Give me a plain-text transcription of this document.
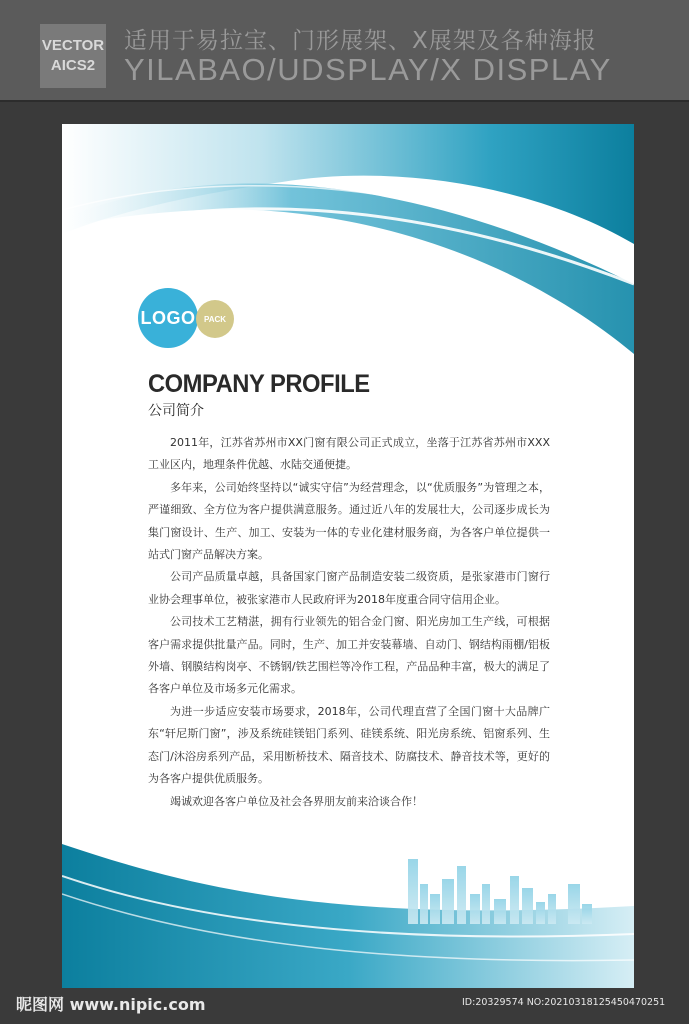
VECTOR
AICS2
适用于易拉宝、门形展架、X展架及各种海报
YILABAO/UDSPLAY/X DISPLAY
LOGO PACK
COMPANY PROFILE
公司简介

2011年，江苏省苏州市XX门窗有限公司正式成立，坐落于江苏省苏州市XXX工业区内，地理条件优越、水陆交通便捷。

多年来，公司始终坚持以“诚实守信”为经营理念，以“优质服务”为管理之本，严谨细致、全方位为客户提供满意服务。通过近八年的发展壮大，公司逐步成长为集门窗设计、生产、加工、安装为一体的专业化建材服务商，为各客户单位提供一站式门窗产品解决方案。

公司产品质量卓越，具备国家门窗产品制造安装二级资质，是张家港市门窗行业协会理事单位，被张家港市人民政府评为2018年度重合同守信用企业。

公司技术工艺精湛，拥有行业领先的铝合金门窗、阳光房加工生产线，可根据客户需求提供批量产品。同时，生产、加工并安装幕墙、自动门、钢结构雨棚/铝板外墙、钢膜结构岗亭、不锈钢/铁艺围栏等冷作工程，产品品种丰富，极大的满足了各客户单位及市场多元化需求。

为进一步适应安装市场要求，2018年，公司代理直营了全国门窗十大品牌广东“轩尼斯门窗”，涉及系统硅镁铝门系列、硅镁系统、阳光房系统、铝窗系列、生态门/沐浴房系列产品，采用断桥技术、隔音技术、防腐技术、静音技术等，更好的为各客户提供优质服务。

竭诚欢迎各客户单位及社会各界朋友前来洽谈合作！

昵图网 www.nipic.com	ID:20329574 NO:20210318125450470251
